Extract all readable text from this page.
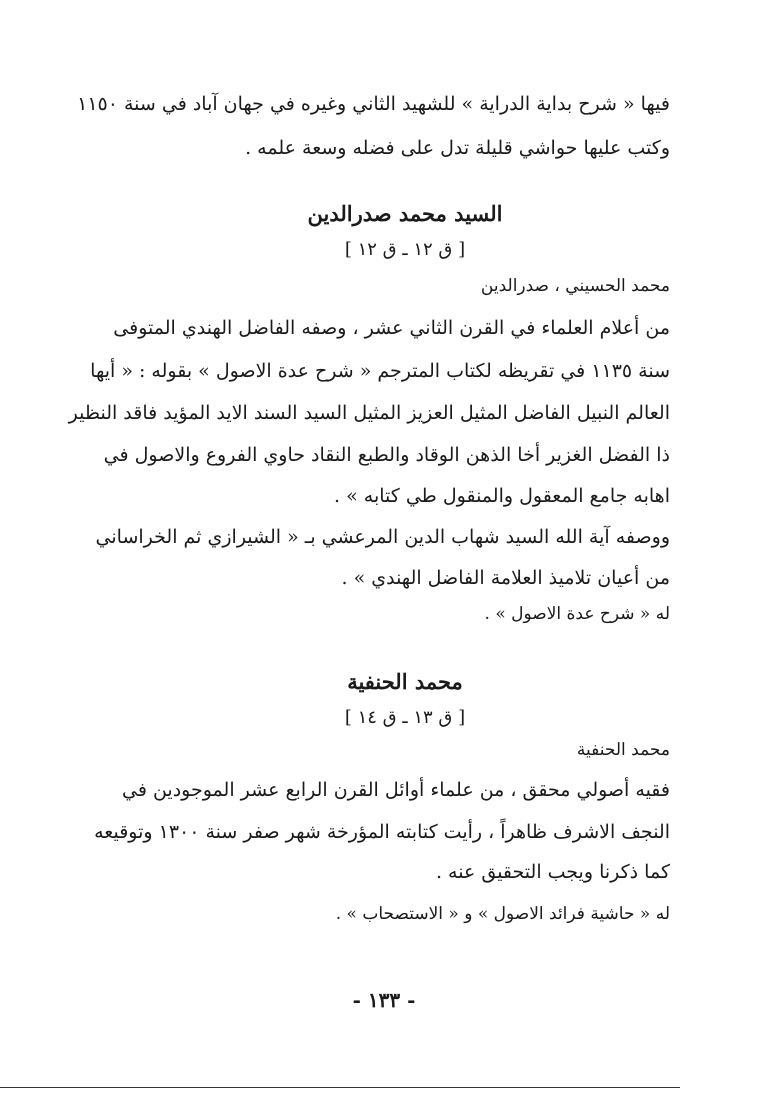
فيها « شرح بداية الدراية » للشهيد الثاني وغيره في جهان آباد في سنة ١١٥٠
وكتب عليها حواشي قليلة تدل على فضله وسعة علمه .
السيد محمد صدرالدين
[ ق ١٢ ـ ق ١٢ ]
محمد الحسيني ، صدرالدين
من أعلام العلماء في القرن الثاني عشر ، وصفه الفاضل الهندي المتوفى
سنة ١١٣٥ في تقريظه لكتاب المترجم « شرح عدة الاصول » بقوله : « أيها
العالم النبيل الفاضل المثيل العزيز المثيل السيد السند الايد المؤيد فاقد النظير
ذا الفضل الغزير أخا الذهن الوقاد والطبع النقاد حاوي الفروع والاصول في
اهابه جامع المعقول والمنقول طي كتابه » .
ووصفه آية الله السيد شهاب الدين المرعشي بـ « الشيرازي ثم الخراساني
من أعيان تلاميذ العلامة الفاضل الهندي » .
له « شرح عدة الاصول » .
محمد الحنفية
[ ق ١٣ ـ ق ١٤ ]
محمد الحنفية
فقيه أصولي محقق ، من علماء أوائل القرن الرابع عشر الموجودين في
النجف الاشرف ظاهراً ، رأيت كتابته المؤرخة شهر صفر سنة ١٣٠٠ وتوقيعه
كما ذكرنا ويجب التحقيق عنه .
له « حاشية فرائد الاصول » و « الاستصحاب » .
- ١٣٣ -
